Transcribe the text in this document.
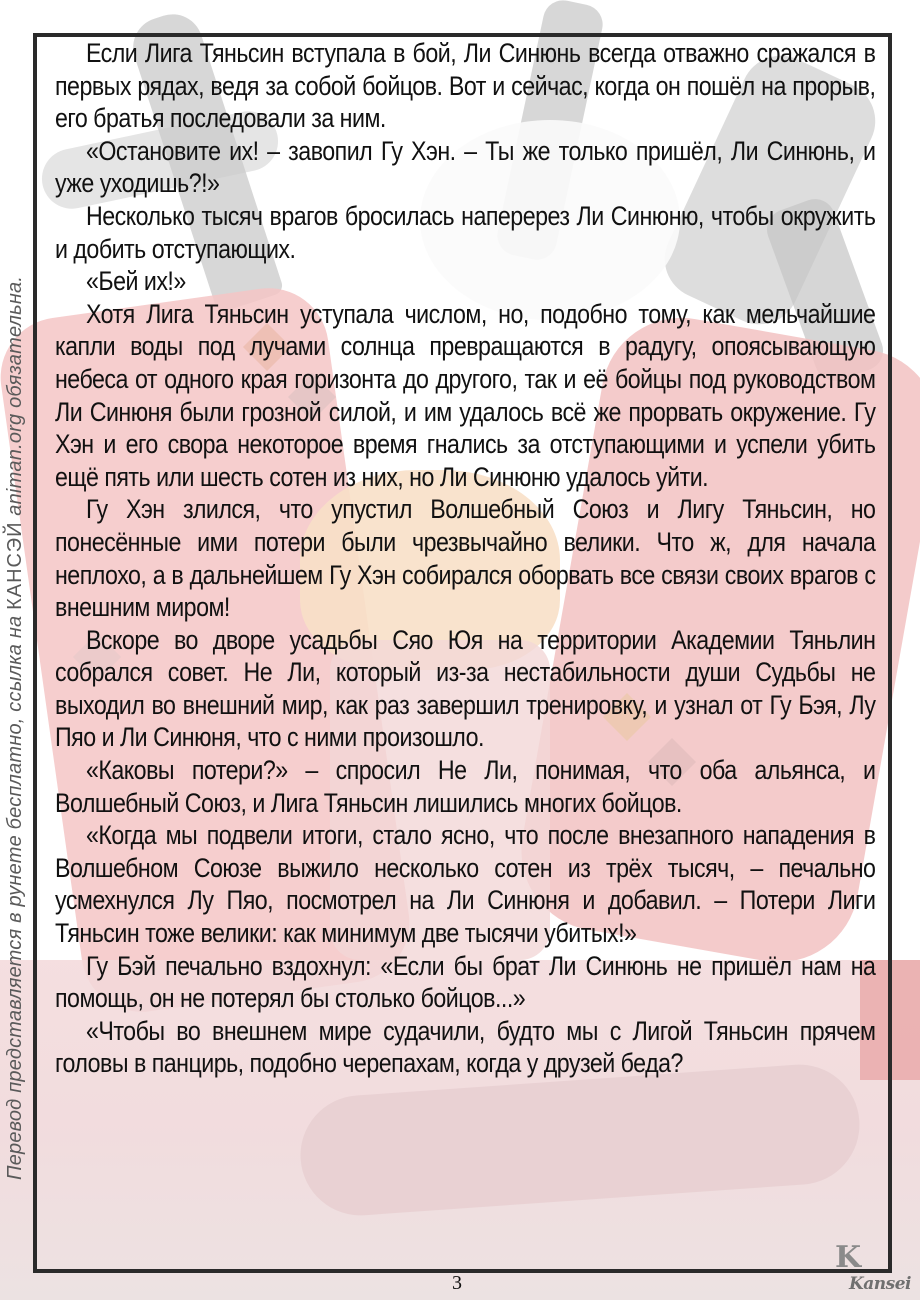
Если Лига Тяньсин вступала в бой, Ли Синюнь всегда отважно сражался в первых рядах, ведя за собой бойцов. Вот и сейчас, когда он пошёл на прорыв, его братья последовали за ним.

«Остановите их! – завопил Гу Хэн. – Ты же только пришёл, Ли Синюнь, и уже уходишь?!»

Несколько тысяч врагов бросилась наперерез Ли Синюню, чтобы окружить и добить отступающих.

«Бей их!»

Хотя Лига Тяньсин уступала числом, но, подобно тому, как мельчайшие капли воды под лучами солнца превращаются в радугу, опоясывающую небеса от одного края горизонта до другого, так и её бойцы под руководством Ли Синюня были грозной силой, и им удалось всё же прорвать окружение. Гу Хэн и его свора некоторое время гнались за отступающими и успели убить ещё пять или шесть сотен из них, но Ли Синюню удалось уйти.

Гу Хэн злился, что упустил Волшебный Союз и Лигу Тяньсин, но понесённые ими потери были чрезвычайно велики. Что ж, для начала неплохо, а в дальнейшем Гу Хэн собирался оборвать все связи своих врагов с внешним миром!

Вскоре во дворе усадьбы Сяо Юя на территории Академии Тяньлин собрался совет. Не Ли, который из-за нестабильности души Судьбы не выходил во внешний мир, как раз завершил тренировку, и узнал от Гу Бэя, Лу Пяо и Ли Синюня, что с ними произошло.

«Каковы потери?» – спросил Не Ли, понимая, что оба альянса, и Волшебный Союз, и Лига Тяньсин лишились многих бойцов.

«Когда мы подвели итоги, стало ясно, что после внезапного нападения в Волшебном Союзе выжило несколько сотен из трёх тысяч, – печально усмехнулся Лу Пяо, посмотрел на Ли Синюня и добавил. – Потери Лиги Тяньсин тоже велики: как минимум две тысячи убитых!»

Гу Бэй печально вздохнул: «Если бы брат Ли Синюнь не пришёл нам на помощь, он не потерял бы столько бойцов...»

«Чтобы во внешнем мире судачили, будто мы с Лигой Тяньсин прячем головы в панцирь, подобно черепахам, когда у друзей беда?

Перевод представляется в рунете бесплатно, ссылка на КАНСЭЙ animan.org обязательна.
3
K
Kansei
